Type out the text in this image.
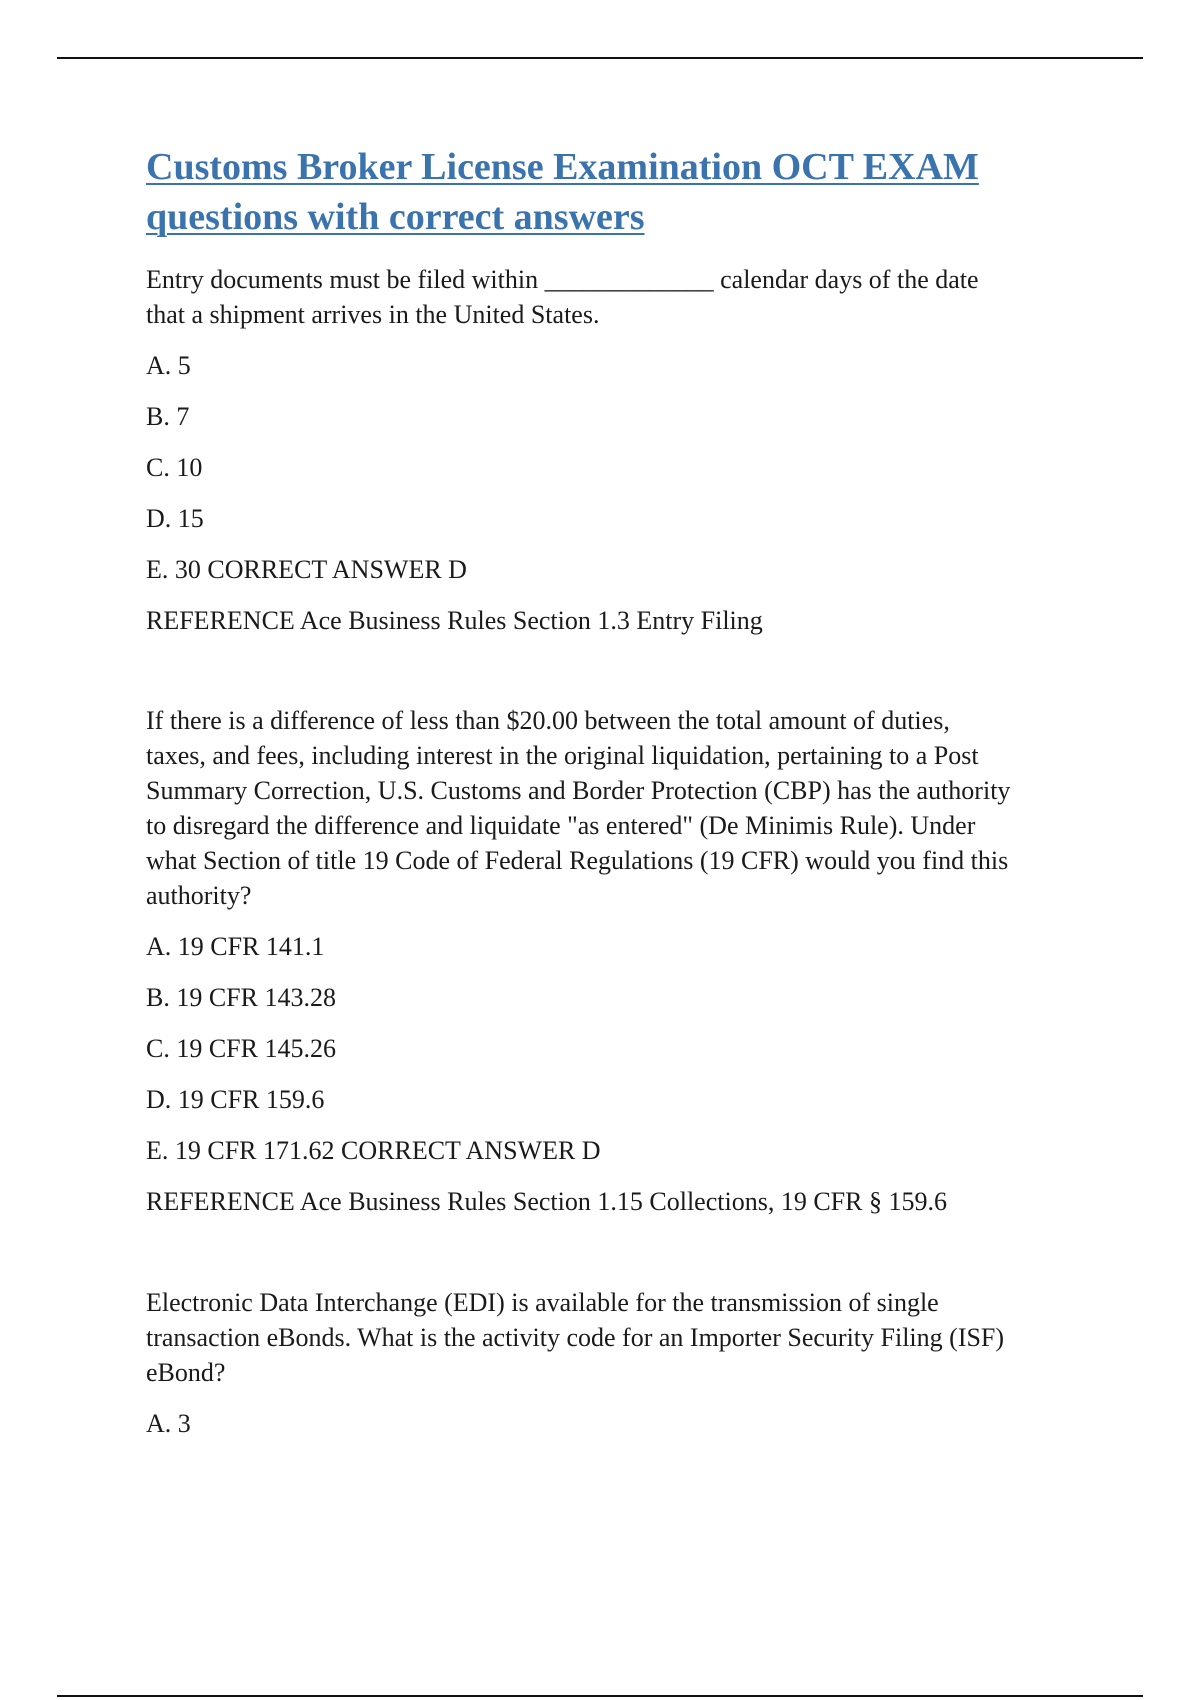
Customs Broker License Examination OCT EXAM
questions with correct answers

Entry documents must be filed within _____________ calendar days of the date
that a shipment arrives in the United States.

A. 5

B. 7

C. 10

D. 15

E. 30 CORRECT ANSWER D

REFERENCE Ace Business Rules Section 1.3 Entry Filing

If there is a difference of less than $20.00 between the total amount of duties,
taxes, and fees, including interest in the original liquidation, pertaining to a Post
Summary Correction, U.S. Customs and Border Protection (CBP) has the authority
to disregard the difference and liquidate "as entered" (De Minimis Rule). Under
what Section of title 19 Code of Federal Regulations (19 CFR) would you find this
authority?

A. 19 CFR 141.1

B. 19 CFR 143.28

C. 19 CFR 145.26

D. 19 CFR 159.6

E. 19 CFR 171.62 CORRECT ANSWER D

REFERENCE Ace Business Rules Section 1.15 Collections, 19 CFR § 159.6

Electronic Data Interchange (EDI) is available for the transmission of single
transaction eBonds. What is the activity code for an Importer Security Filing (ISF)
eBond?

A. 3
